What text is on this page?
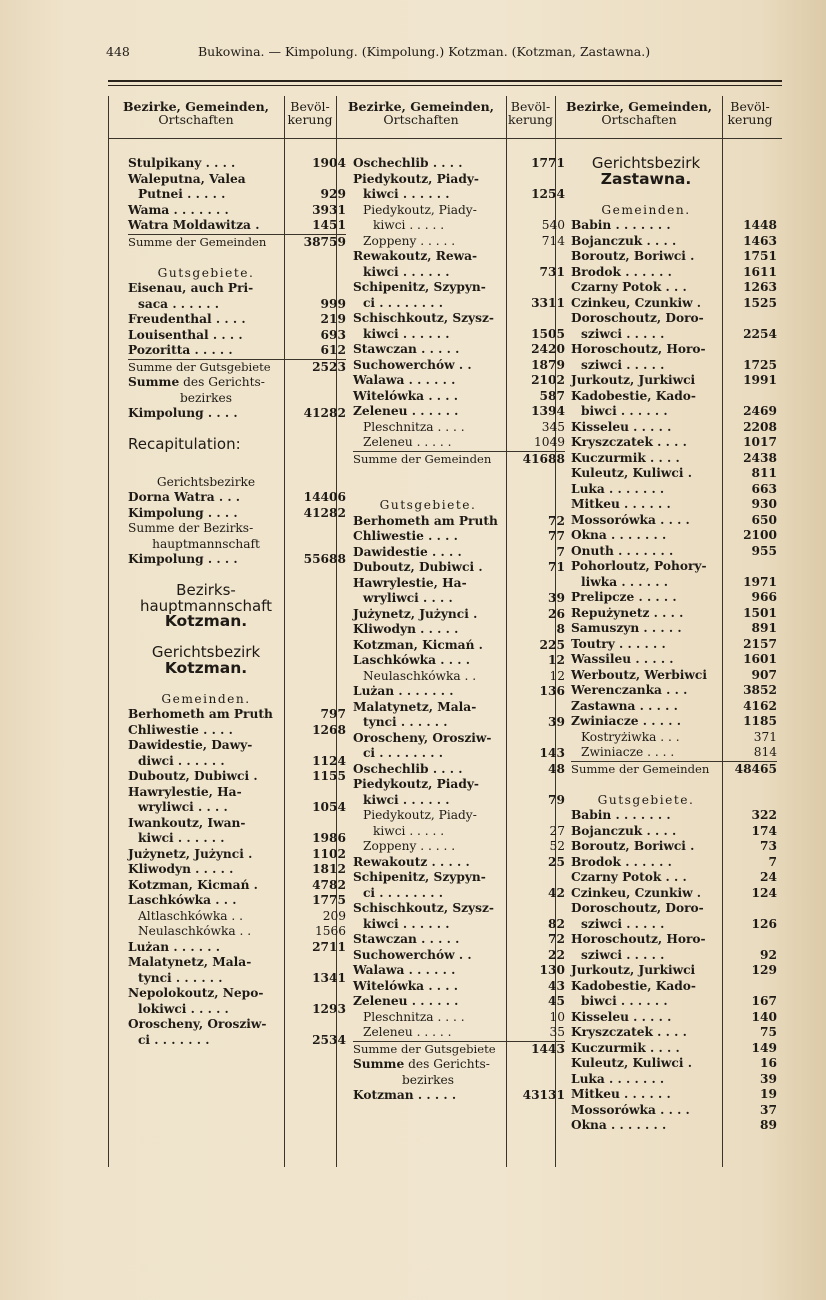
448	Bukowina. — Kimpolung. (Kimpolung.) Kotzman. (Kotzman, Zastawna.)
Bezirke, Gemeinden,
Ortschaften
Bevöl-
kerung
Bezirke, Gemeinden,
Ortschaften
Bevöl-
kerung
Bezirke, Gemeinden,
Ortschaften
Bevöl-
kerung
Stulpikany . . . .	1904
Waleputna, Valea
Putnei . . . . .	929
Wama . . . . . . .	3931
Watra Moldawitza .	1451
Summe der Gemeinden	38759
Gutsgebiete.
Eisenau, auch Pri-
saca . . . . . .	999
Freudenthal . . . .	219
Louisenthal . . . .	693
Pozoritta . . . . .	612
Summe der Gutsgebiete	2523
Summe des Gerichts-
bezirkes
Kimpolung . . . .	41282
Recapitulation:
Gerichtsbezirke
Dorna Watra . . .	14406
Kimpolung . . . .	41282
Summe der Bezirks-
hauptmannschaft
Kimpolung . . . .	55688
Bezirks-
hauptmannschaft
Kotzman.
Gerichtsbezirk
Kotzman.
Gemeinden.
Berhometh am Pruth	797
Chliwestie . . . .	1268
Dawidestie, Dawy-
diwci . . . . . .	1124
Duboutz, Dubiwci .	1155
Hawrylestie, Ha-
wryliwci . . . .	1054
Iwankoutz, Iwan-
kiwci . . . . . .	1986
Jużynetz, Jużynci .	1102
Kliwodyn . . . . .	1812
Kotzman, Kicmań .	4782
Laschkówka . . .	1775
Altlaschkówka . .	209
Neulaschkówka . .	1566
Lużan . . . . . .	2711
Malatynetz, Mala-
tynci . . . . . .	1341
Nepolokoutz, Nepo-
lokiwci . . . . .	1293
Oroscheny, Orosziw-
ci . . . . . . .	2534
Oschechlib . . . .	1771
Piedykoutz, Piady-
kiwci . . . . . .	1254
Piedykoutz, Piady-
kiwci . . . . .	540
Zoppeny . . . . .	714
Rewakoutz, Rewa-
kiwci . . . . . .	731
Schipenitz, Szypyn-
ci . . . . . . . .	3311
Schischkoutz, Szysz-
kiwci . . . . . .	1505
Stawczan . . . . .	2420
Suchowerchów . .	1879
Walawa . . . . . .	2102
Witelówka . . . .	587
Zeleneu . . . . . .	1394
Pleschnitza . . . .	345
Zeleneu . . . . .	1049
Summe der Gemeinden	41688
Gutsgebiete.
Berhometh am Pruth	72
Chliwestie . . . .	77
Dawidestie . . . .	7
Duboutz, Dubiwci .	71
Hawrylestie, Ha-
wryliwci . . . .	39
Jużynetz, Jużynci .	26
Kliwodyn . . . . .	8
Kotzman, Kicmań .	225
Laschkówka . . . .	12
Neulaschkówka . .	12
Lużan . . . . . . .	136
Malatynetz, Mala-
tynci . . . . . .	39
Oroscheny, Orosziw-
ci . . . . . . . .	143
Oschechlib . . . .	48
Piedykoutz, Piady-
kiwci . . . . . .	79
Piedykoutz, Piady-
kiwci . . . . .	27
Zoppeny . . . . .	52
Rewakoutz . . . . .	25
Schipenitz, Szypyn-
ci . . . . . . . .	42
Schischkoutz, Szysz-
kiwci . . . . . .	82
Stawczan . . . . .	72
Suchowerchów . .	22
Walawa . . . . . .	130
Witelówka . . . .	43
Zeleneu . . . . . .	45
Pleschnitza . . . .	10
Zeleneu . . . . .	35
Summe der Gutsgebiete	1443
Summe des Gerichts-
bezirkes
Kotzman . . . . .	43131
Gerichtsbezirk
Zastawna.
Gemeinden.
Babin . . . . . . .	1448
Bojanczuk . . . .	1463
Boroutz, Boriwci .	1751
Brodok . . . . . .	1611
Czarny Potok . . .	1263
Czinkeu, Czunkiw .	1525
Doroschoutz, Doro-
sziwci . . . . .	2254
Horoschoutz, Horo-
sziwci . . . . .	1725
Jurkoutz, Jurkiwci	1991
Kadobestie, Kado-
biwci . . . . . .	2469
Kisseleu . . . . .	2208
Kryszczatek . . . .	1017
Kuczurmik . . . .	2438
Kuleutz, Kuliwci .	811
Luka . . . . . . .	663
Mitkeu . . . . . .	930
Mossorówka . . . .	650
Okna . . . . . . .	2100
Onuth . . . . . . .	955
Pohorloutz, Pohory-
liwka . . . . . .	1971
Prelipcze . . . . .	966
Repużynetz . . . .	1501
Samuszyn . . . . .	891
Toutry . . . . . .	2157
Wassileu . . . . .	1601
Werboutz, Werbiwci	907
Werenczanka . . .	3852
Zastawna . . . . .	4162
Zwiniacze . . . . .	1185
Kostryżiwka . . .	371
Zwiniacze . . . .	814
Summe der Gemeinden	48465
Gutsgebiete.
Babin . . . . . . .	322
Bojanczuk . . . .	174
Boroutz, Boriwci .	73
Brodok . . . . . .	7
Czarny Potok . . .	24
Czinkeu, Czunkiw .	124
Doroschoutz, Doro-
sziwci . . . . .	126
Horoschoutz, Horo-
sziwci . . . . .	92
Jurkoutz, Jurkiwci	129
Kadobestie, Kado-
biwci . . . . . .	167
Kisseleu . . . . .	140
Kryszczatek . . . .	75
Kuczurmik . . . .	149
Kuleutz, Kuliwci .	16
Luka . . . . . . .	39
Mitkeu . . . . . .	19
Mossorówka . . . .	37
Okna . . . . . . .	89
